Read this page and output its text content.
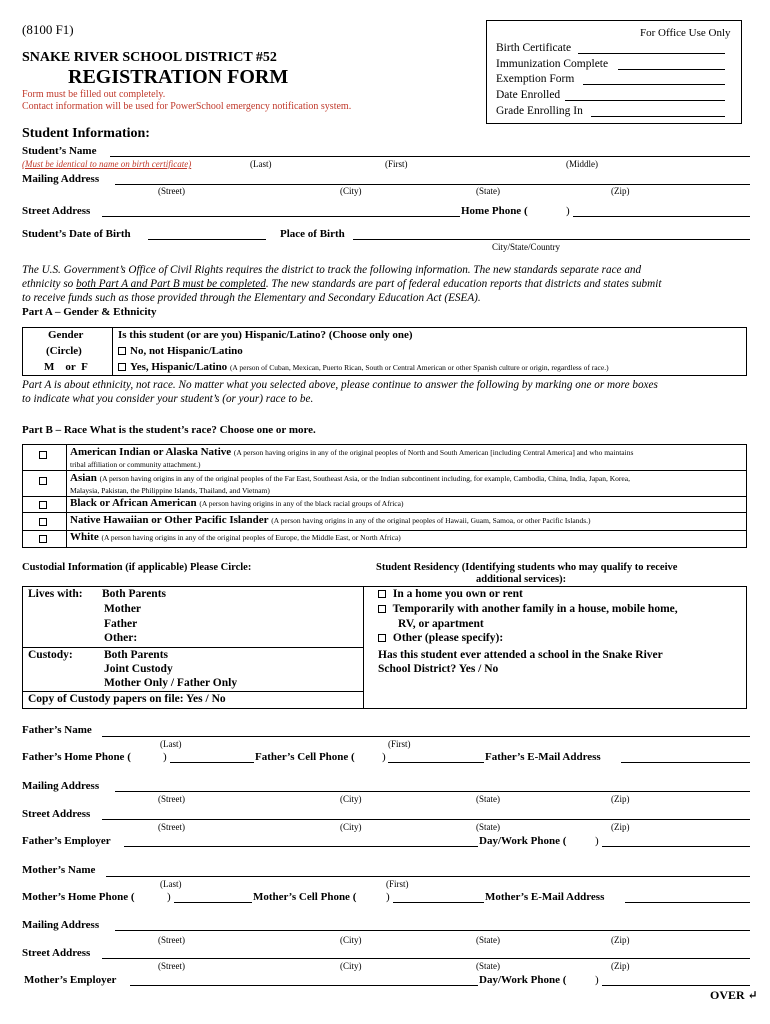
(8100 F1)
SNAKE RIVER SCHOOL DISTRICT #52
REGISTRATION FORM
Form must be filled out completely.
Contact information will be used for PowerSchool emergency notification system.
For Office Use Only
Birth Certificate
Immunization Complete
Exemption Form
Date Enrolled
Grade Enrolling In
Student Information:
Student’s Name
(Must be identical to name on birth certificate)	(Last)	(First)	(Middle)
Mailing Address
(Street)	(City)	(State)	(Zip)
Street Address	Home Phone (	)
Student’s Date of Birth	Place of Birth
City/State/Country
The U.S. Government’s Office of Civil Rights requires the district to track the following information. The new standards separate race and
ethnicity so both Part A and Part B must be completed. The new standards are part of federal education reports that districts and states submit
to receive funds such as those provided through the Elementary and Secondary Education Act (ESEA).
Part A – Gender & Ethnicity
Gender
(Circle)
M    or  F
Is this student (or are you) Hispanic/Latino? (Choose only one)
No, not Hispanic/Latino
Yes, Hispanic/Latino (A person of Cuban, Mexican, Puerto Rican, South or Central American or other Spanish culture or origin, regardless of race.)
Part A is about ethnicity, not race. No matter what you selected above, please continue to answer the following by marking one or more boxes
to indicate what you consider your student’s (or your) race to be.
Part B – Race What is the student’s race? Choose one or more.
American Indian or Alaska Native (A person having origins in any of the original peoples of North and South American [including Central America] and who maintains
tribal affiliation or community attachment.)
Asian (A person having origins in any of the original peoples of the Far East, Southeast Asia, or the Indian subcontinent including, for example, Cambodia, China, India, Japan, Korea,
Malaysia, Pakistan, the Philippine Islands, Thailand, and Vietnam)
Black or African American (A person having origins in any of the black racial groups of Africa)
Native Hawaiian or Other Pacific Islander (A person having origins in any of the original peoples of Hawaii, Guam, Samoa, or other Pacific Islands.)
White (A person having origins in any of the original peoples of Europe, the Middle East, or North Africa)
Custodial Information (if applicable) Please Circle:	Student Residency (Identifying students who may qualify to receive
additional services):
Lives with: Both Parents
Mother
Father
Other:
Custody:	Both Parents
Joint Custody
Mother Only / Father Only
Copy of Custody papers on file: Yes / No
In a home you own or rent
Temporarily with another family in a house, mobile home,
RV, or apartment
Other (please specify):
Has this student ever attended a school in the Snake River
School District? Yes / No
Father’s Name
(Last)	(First)
Father’s Home Phone (	)	Father’s Cell Phone ( )	Father’s E-Mail Address
Mailing Address
(Street)	(City)	(State)	(Zip)
Street Address
(Street)	(City)	(State)	(Zip)
Father’s Employer	Day/Work Phone (	)
Mother’s Name
(Last)	(First)
Mother’s Home Phone (	)	Mother’s Cell Phone (	)	Mother’s E-Mail Address
Mailing Address
(Street)	(City)	(State)	(Zip)
Street Address
(Street)	(City)	(State)	(Zip)
Mother’s Employer	Day/Work Phone (	)
OVER ↵
